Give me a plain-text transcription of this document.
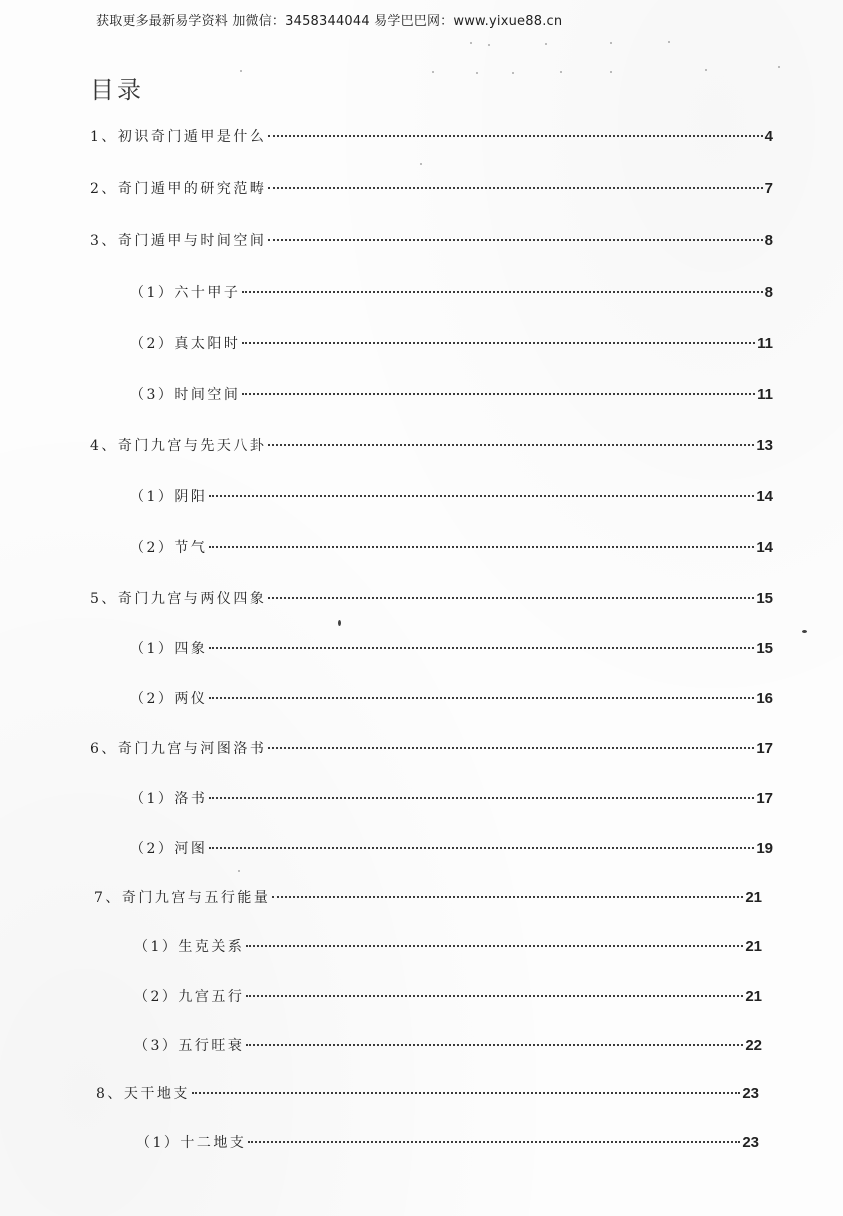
获取更多最新易学资料 加微信：3458344044 易学巴巴网：www.yixue88.cn
目录
1、初识奇门遁甲是什么	4
2、奇门遁甲的研究范畴	7
3、奇门遁甲与时间空间	8
（1）六十甲子	8
（2）真太阳时	11
（3）时间空间	11
4、奇门九宫与先天八卦	13
（1）阴阳	14
（2）节气	14
5、奇门九宫与两仪四象	15
（1）四象	15
（2）两仪	16
6、奇门九宫与河图洛书	17
（1）洛书	17
（2）河图	19
7、奇门九宫与五行能量	21
（1）生克关系	21
（2）九宫五行	21
（3）五行旺衰	22
8、天干地支	23
（1）十二地支	23
